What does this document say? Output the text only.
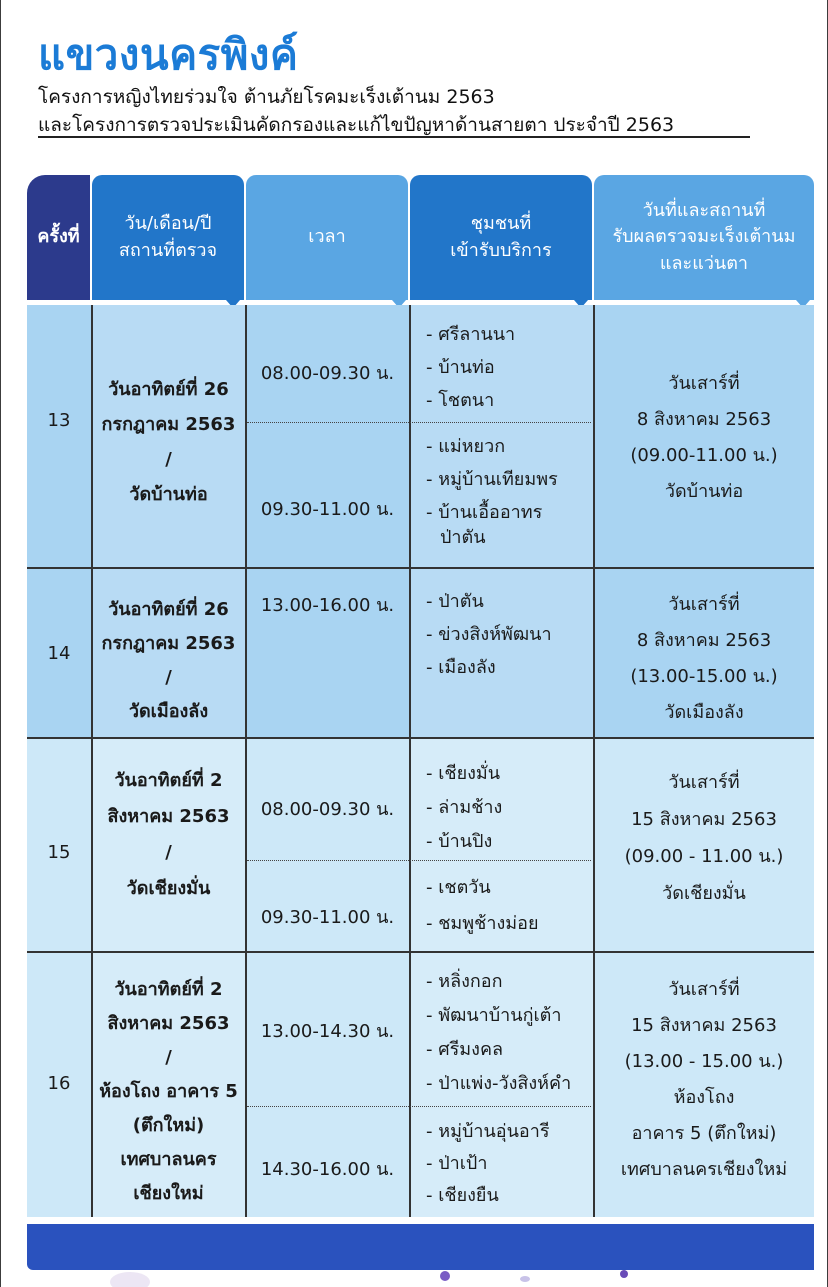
แขวงนครพิงค์
โครงการหญิงไทยร่วมใจ ต้านภัยโรคมะเร็งเต้านม 2563
และโครงการตรวจประเมินคัดกรองและแก้ไขปัญหาด้านสายตา ประจำปี 2563
ครั้งที่
วัน/เดือน/ปี
สถานที่ตรวจ
เวลา
ชุมชนที่
เข้ารับบริการ
วันที่และสถานที่
รับผลตรวจมะเร็งเต้านม
และแว่นตา
13
วันอาทิตย์ที่ 26
กรกฎาคม 2563
/
วัดบ้านท่อ
08.00-09.30 น.
09.30-11.00 น.
- ศรีลานนา
- บ้านท่อ
- โชตนา
- แม่หยวก
- หมู่บ้านเทียมพร
- บ้านเอื้ออาทร
ป่าตัน
วันเสาร์ที่
8 สิงหาคม 2563
(09.00-11.00 น.)
วัดบ้านท่อ
14
วันอาทิตย์ที่ 26
กรกฎาคม 2563
/
วัดเมืองลัง
13.00-16.00 น.	- ป่าตัน
- ข่วงสิงห์พัฒนา
- เมืองลัง
วันเสาร์ที่
8 สิงหาคม 2563
(13.00-15.00 น.)
วัดเมืองลัง
15
วันอาทิตย์ที่ 2
สิงหาคม 2563
/
วัดเชียงมั่น
08.00-09.30 น.
09.30-11.00 น.
- เชียงมั่น
- ล่ามช้าง
- บ้านปิง
- เชตวัน
- ชมพูช้างม่อย
วันเสาร์ที่
15 สิงหาคม 2563
(09.00 - 11.00 น.)
วัดเชียงมั่น
16
วันอาทิตย์ที่ 2
สิงหาคม 2563
/
ห้องโถง อาคาร 5
(ตึกใหม่)
เทศบาลนคร
เชียงใหม่
13.00-14.30 น.
14.30-16.00 น.
- หลิ่งกอก
- พัฒนาบ้านกู่เต้า
- ศรีมงคล
- ป่าแพ่ง-วังสิงห์คำ
- หมู่บ้านอุ่นอารี
- ป่าเป้า
- เชียงยืน
วันเสาร์ที่
15 สิงหาคม 2563
(13.00 - 15.00 น.)
ห้องโถง
อาคาร 5 (ตึกใหม่)
เทศบาลนครเชียงใหม่
